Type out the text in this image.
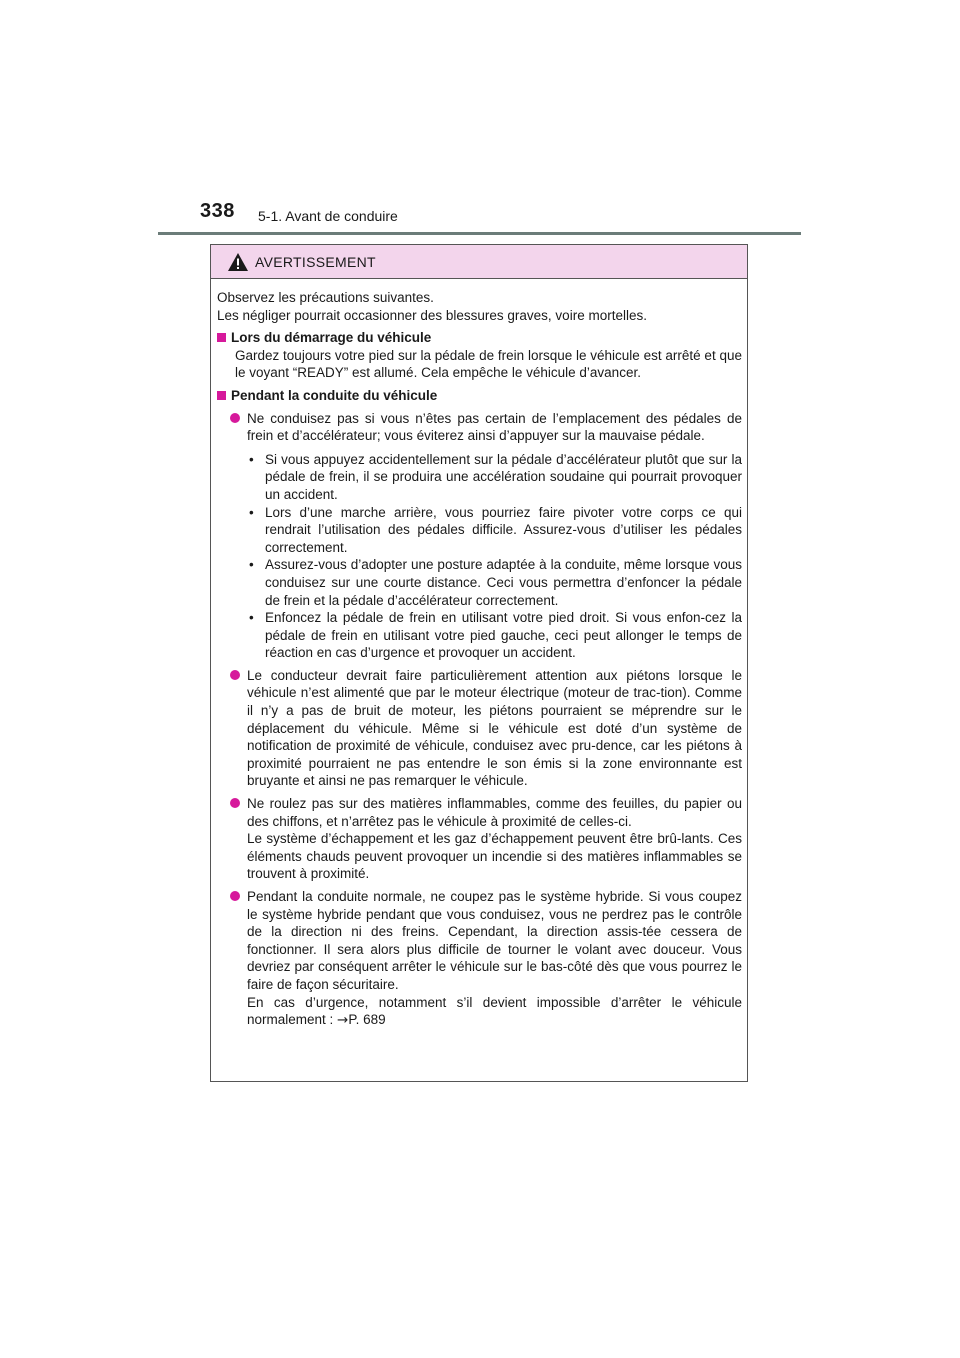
338 5-1. Avant de conduire
AVERTISSEMENT

Observez les précautions suivantes.

Les négliger pourrait occasionner des blessures graves, voire mortelles.

Lors du démarrage du véhicule

Gardez toujours votre pied sur la pédale de frein lorsque le véhicule est arrêté et que le voyant “READY” est allumé. Cela empêche le véhicule d’avancer.

Pendant la conduite du véhicule

Ne conduisez pas si vous n’êtes pas certain de l’emplacement des pédales de frein et d’accélérateur; vous éviterez ainsi d’appuyer sur la mauvaise pédale.

• Si vous appuyez accidentellement sur la pédale d’accélérateur plutôt que sur la pédale de frein, il se produira une accélération soudaine qui pourrait provoquer un accident.
• Lors d’une marche arrière, vous pourriez faire pivoter votre corps ce qui rendrait l’utilisation des pédales difficile. Assurez-vous d’utiliser les pédales correctement.
• Assurez-vous d’adopter une posture adaptée à la conduite, même lorsque vous conduisez sur une courte distance. Ceci vous permettra d’enfoncer la pédale de frein et la pédale d’accélérateur correctement.
• Enfoncez la pédale de frein en utilisant votre pied droit. Si vous enfon-cez la pédale de frein en utilisant votre pied gauche, ceci peut allonger le temps de réaction en cas d’urgence et provoquer un accident.

Le conducteur devrait faire particulièrement attention aux piétons lorsque le véhicule n’est alimenté que par le moteur électrique (moteur de trac-tion). Comme il n’y a pas de bruit de moteur, les piétons pourraient se méprendre sur le déplacement du véhicule. Même si le véhicule est doté d’un système de notification de proximité de véhicule, conduisez avec pru-dence, car les piétons à proximité pourraient ne pas entendre le son émis si la zone environnante est bruyante et ainsi ne pas remarquer le véhicule.

Ne roulez pas sur des matières inflammables, comme des feuilles, du papier ou des chiffons, et n’arrêtez pas le véhicule à proximité de celles-ci.

Le système d’échappement et les gaz d’échappement peuvent être brû-lants. Ces éléments chauds peuvent provoquer un incendie si des matières inflammables se trouvent à proximité.

Pendant la conduite normale, ne coupez pas le système hybride. Si vous coupez le système hybride pendant que vous conduisez, vous ne perdrez pas le contrôle de la direction ni des freins. Cependant, la direction assis-tée cessera de fonctionner. Il sera alors plus difficile de tourner le volant avec douceur. Vous devriez par conséquent arrêter le véhicule sur le bas-côté dès que vous pourrez le faire de façon sécuritaire.

En cas d’urgence, notamment s’il devient impossible d’arrêter le véhicule normalement : →P. 689
